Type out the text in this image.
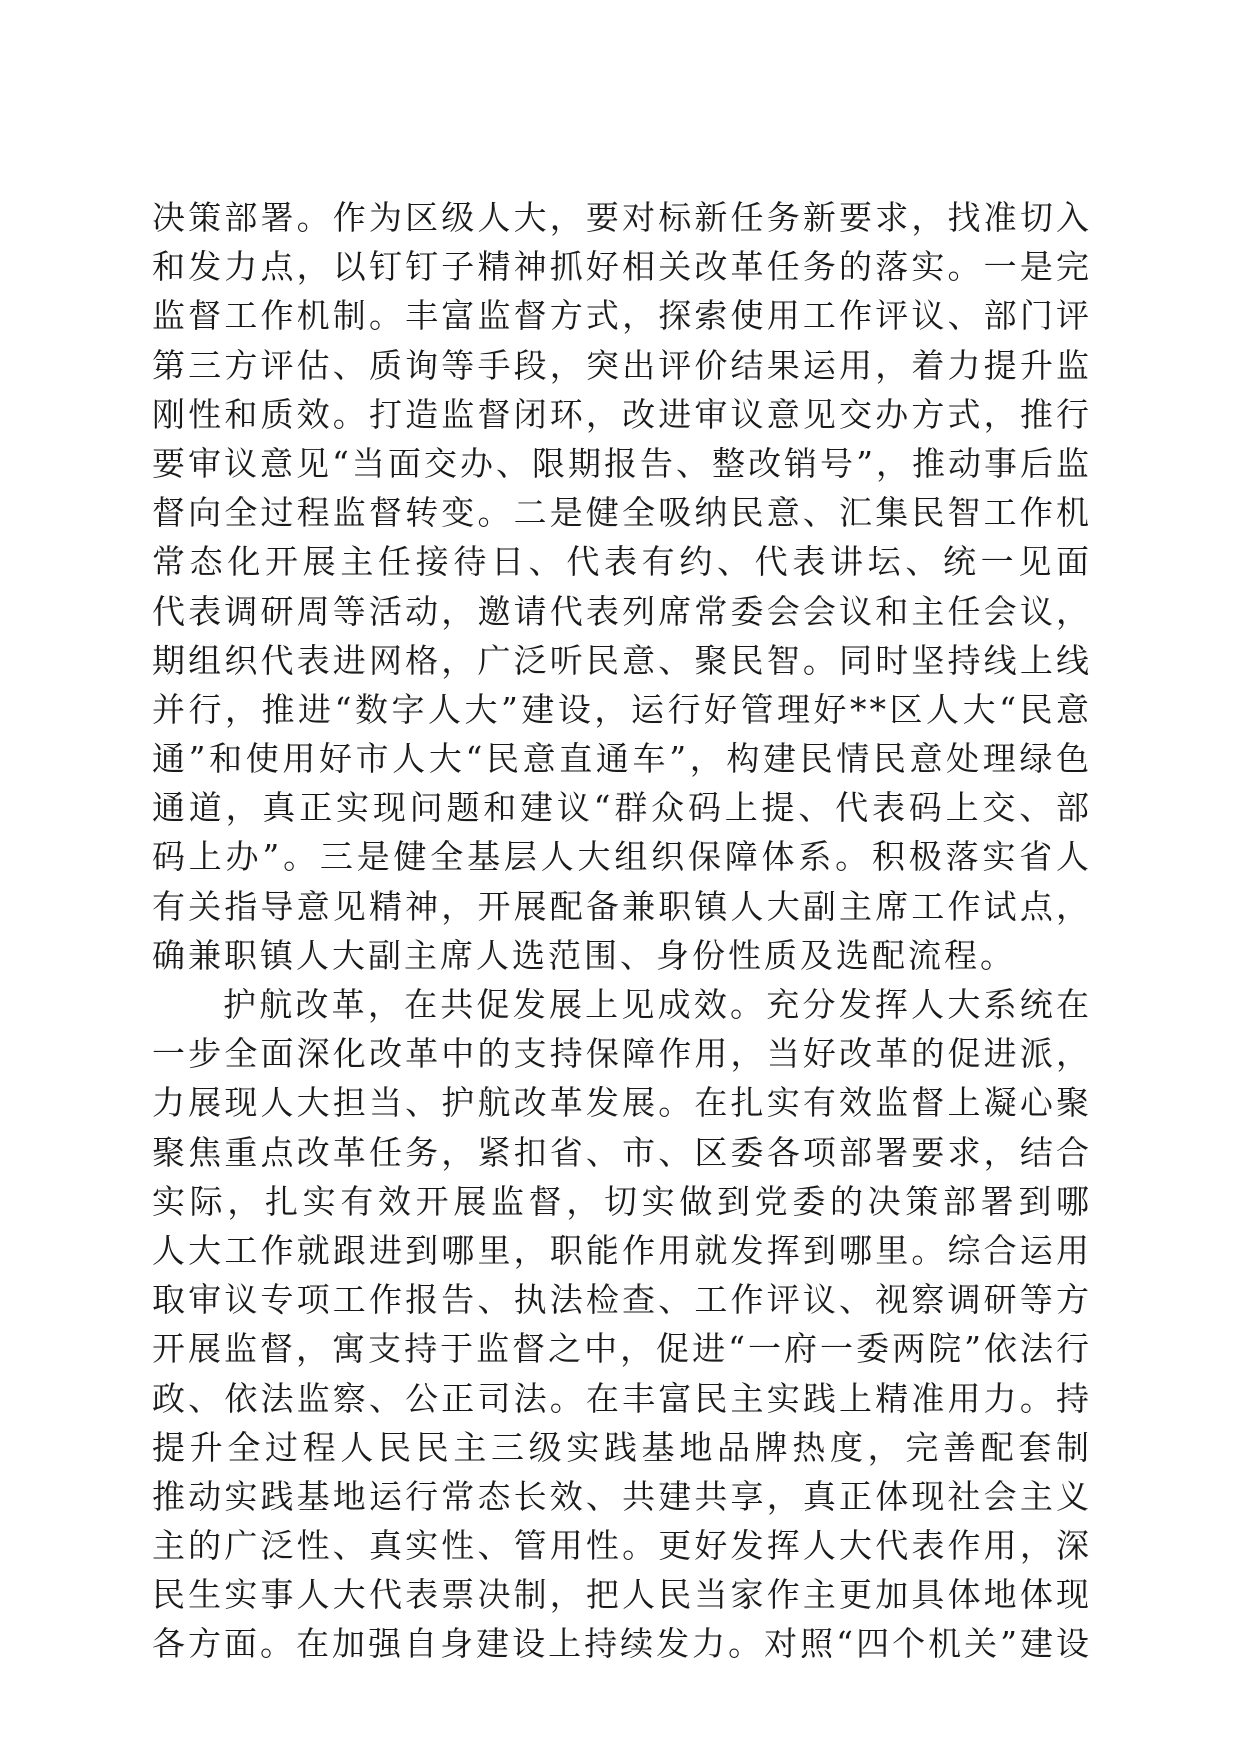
决策部署。作为区级人大，要对标新任务新要求，找准切入
和发力点，以钉钉子精神抓好相关改革任务的落实。一是完
监督工作机制。丰富监督方式，探索使用工作评议、部门评
第三方评估、质询等手段，突出评价结果运用，着力提升监
刚性和质效。打造监督闭环，改进审议意见交办方式，推行
要审议意见“当面交办、限期报告、整改销号”，推动事后监
督向全过程监督转变。二是健全吸纳民意、汇集民智工作机
常态化开展主任接待日、代表有约、代表讲坛、统一见面
代表调研周等活动，邀请代表列席常委会会议和主任会议，
期组织代表进网格，广泛听民意、聚民智。同时坚持线上线
并行，推进“数字人大”建设，运行好管理好**区人大“民意
通”和使用好市人大“民意直通车”，构建民情民意处理绿色
通道，真正实现问题和建议“群众码上提、代表码上交、部
码上办”。三是健全基层人大组织保障体系。积极落实省人
有关指导意见精神，开展配备兼职镇人大副主席工作试点，
确兼职镇人大副主席人选范围、身份性质及选配流程。
护航改革，在共促发展上见成效。充分发挥人大系统在
一步全面深化改革中的支持保障作用，当好改革的促进派，
力展现人大担当、护航改革发展。在扎实有效监督上凝心聚
聚焦重点改革任务，紧扣省、市、区委各项部署要求，结合
实际，扎实有效开展监督，切实做到党委的决策部署到哪
人大工作就跟进到哪里，职能作用就发挥到哪里。综合运用
取审议专项工作报告、执法检查、工作评议、视察调研等方
开展监督，寓支持于监督之中，促进“一府一委两院”依法行
政、依法监察、公正司法。在丰富民主实践上精准用力。持
提升全过程人民民主三级实践基地品牌热度，完善配套制
推动实践基地运行常态长效、共建共享，真正体现社会主义
主的广泛性、真实性、管用性。更好发挥人大代表作用，深
民生实事人大代表票决制，把人民当家作主更加具体地体现
各方面。在加强自身建设上持续发力。对照“四个机关”建设
